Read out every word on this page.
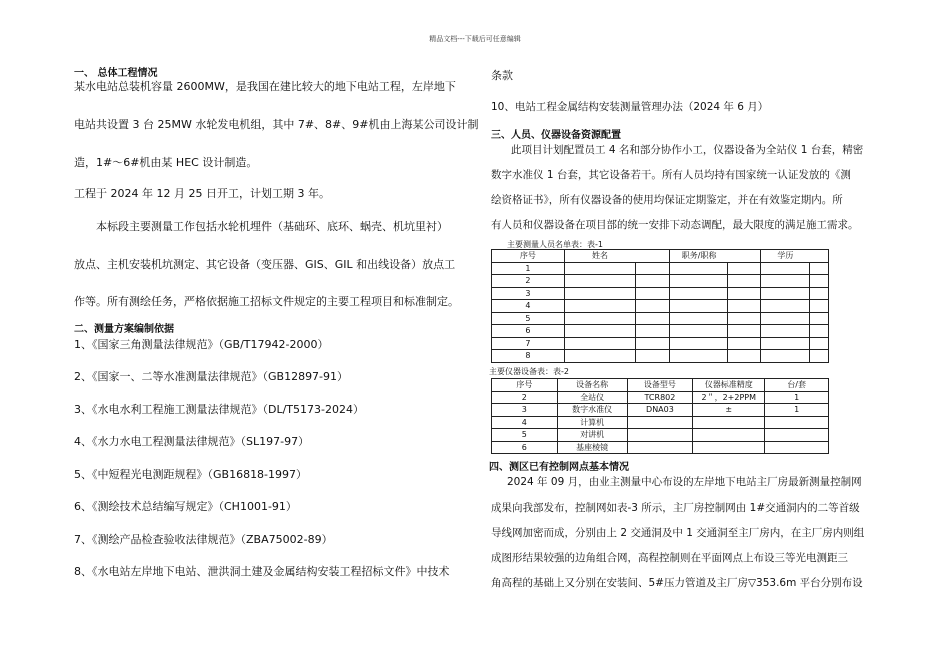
精品文档---下载后可任意编辑
一、 总体工程情况
某水电站总装机容量 2600MW，是我国在建比较大的地下电站工程，左岸地下
电站共设置 3 台 25MW 水轮发电机组，其中 7#、8#、9#机由上海某公司设计制
造，1#～6#机由某 HEC 设计制造。
工程于 2024 年 12 月 25 日开工，计划工期 3 年。
本标段主要测量工作包括水轮机埋件（基础环、底环、蜗壳、机坑里衬）
放点、主机安装机坑测定、其它设备（变压器、GIS、GIL 和出线设备）放点工
作等。所有测绘任务，严格依据施工招标文件规定的主要工程项目和标准制定。
二、测量方案编制依据
1、《国家三角测量法律规范》（GB/T17942-2000）
2、《国家一、二等水准测量法律规范》（GB12897-91）
3、《水电水利工程施工测量法律规范》（DL/T5173-2024）
4、《水力水电工程测量法律规范》（SL197-97）
5、《中短程光电测距规程》（GB16818-1997）
6、《测绘技术总结编写规定》（CH1001-91）
7、《测绘产品检查验收法律规范》（ZBA75002-89）
8、《水电站左岸地下电站、泄洪洞土建及金属结构安装工程招标文件》中技术
条款
10、电站工程金属结构安装测量管理办法（2024 年 6 月）
三、人员、仪器设备资源配置
此项目计划配置员工 4 名和部分协作小工，仪器设备为全站仪 1 台套，精密
数字水准仪 1 台套，其它设备若干。所有人员均持有国家统一认证发放的《测
绘资格证书》，所有仪器设备的使用均保证定期鉴定，并在有效鉴定期内。所
有人员和仪器设备在项目部的统一安排下动态调配，最大限度的满足施工需求。
主要测量人员名单表：表-1
序号	姓名		职务/职称		学历	
1						
2						
3						
4						
5						
6						
7						
8						
主要仪器设备表：表-2
序号	设备名称	设备型号	仪器标准精度	台/套
2	全站仪	TCR802	2＂，2+2PPM	1
3	数字水准仪	DNA03	±	1
4	计算机			
5	对讲机			
6	基座棱镜			
四、测区已有控制网点基本情况
2024 年 09 月，由业主测量中心布设的左岸地下电站主厂房最新测量控制网
成果向我部发布，控制网如表-3 所示，主厂房控制网由 1#交通洞内的二等首级
导线网加密而成，分别由上 2 交通洞及中 1 交通洞至主厂房内，在主厂房内则组
成图形结果较强的边角组合网，高程控制则在平面网点上布设三等光电测距三
角高程的基础上又分别在安装间、5#压力管道及主厂房▽353.6m 平台分别布设
